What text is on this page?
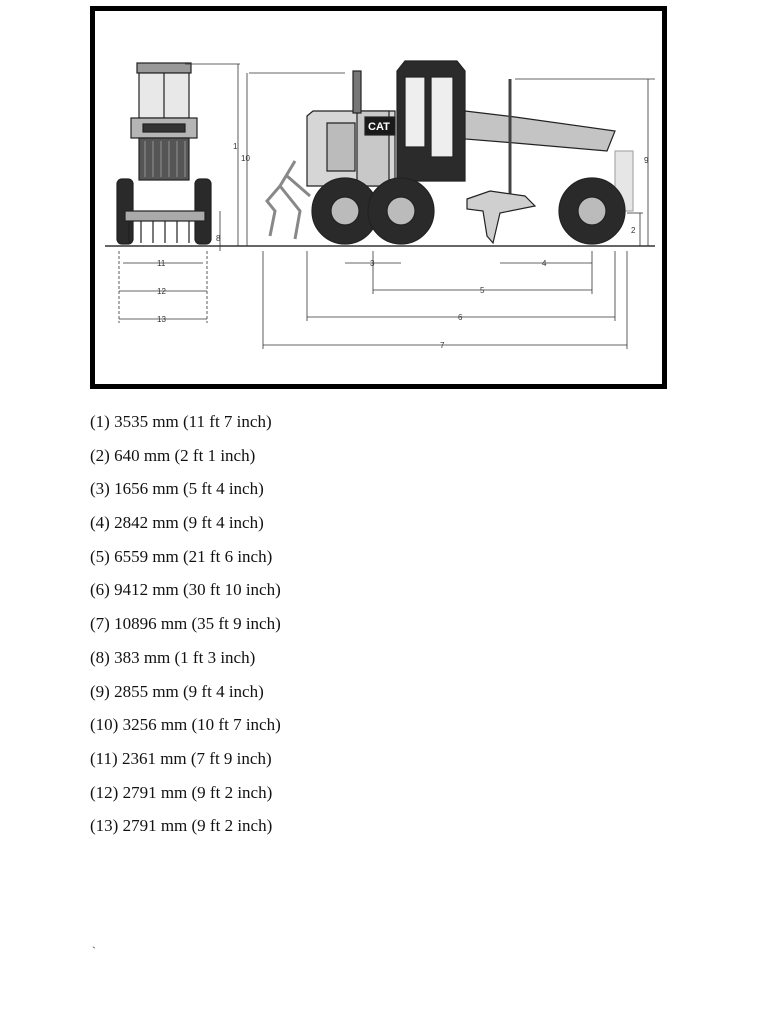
CAT
1
2
3	4
5
6
7
8
9
10
11
12
13
(1) 3535 mm (11 ft 7 inch)
(2) 640 mm (2 ft 1 inch)
(3) 1656 mm (5 ft 4 inch)
(4) 2842 mm (9 ft 4 inch)
(5) 6559 mm (21 ft 6 inch)
(6) 9412 mm (30 ft 10 inch)
(7) 10896 mm (35 ft 9 inch)
(8) 383 mm (1 ft 3 inch)
(9) 2855 mm (9 ft 4 inch)
(10) 3256 mm (10 ft 7 inch)
(11) 2361 mm (7 ft 9 inch)
(12) 2791 mm (9 ft 2 inch)
(13) 2791 mm (9 ft 2 inch)
`
